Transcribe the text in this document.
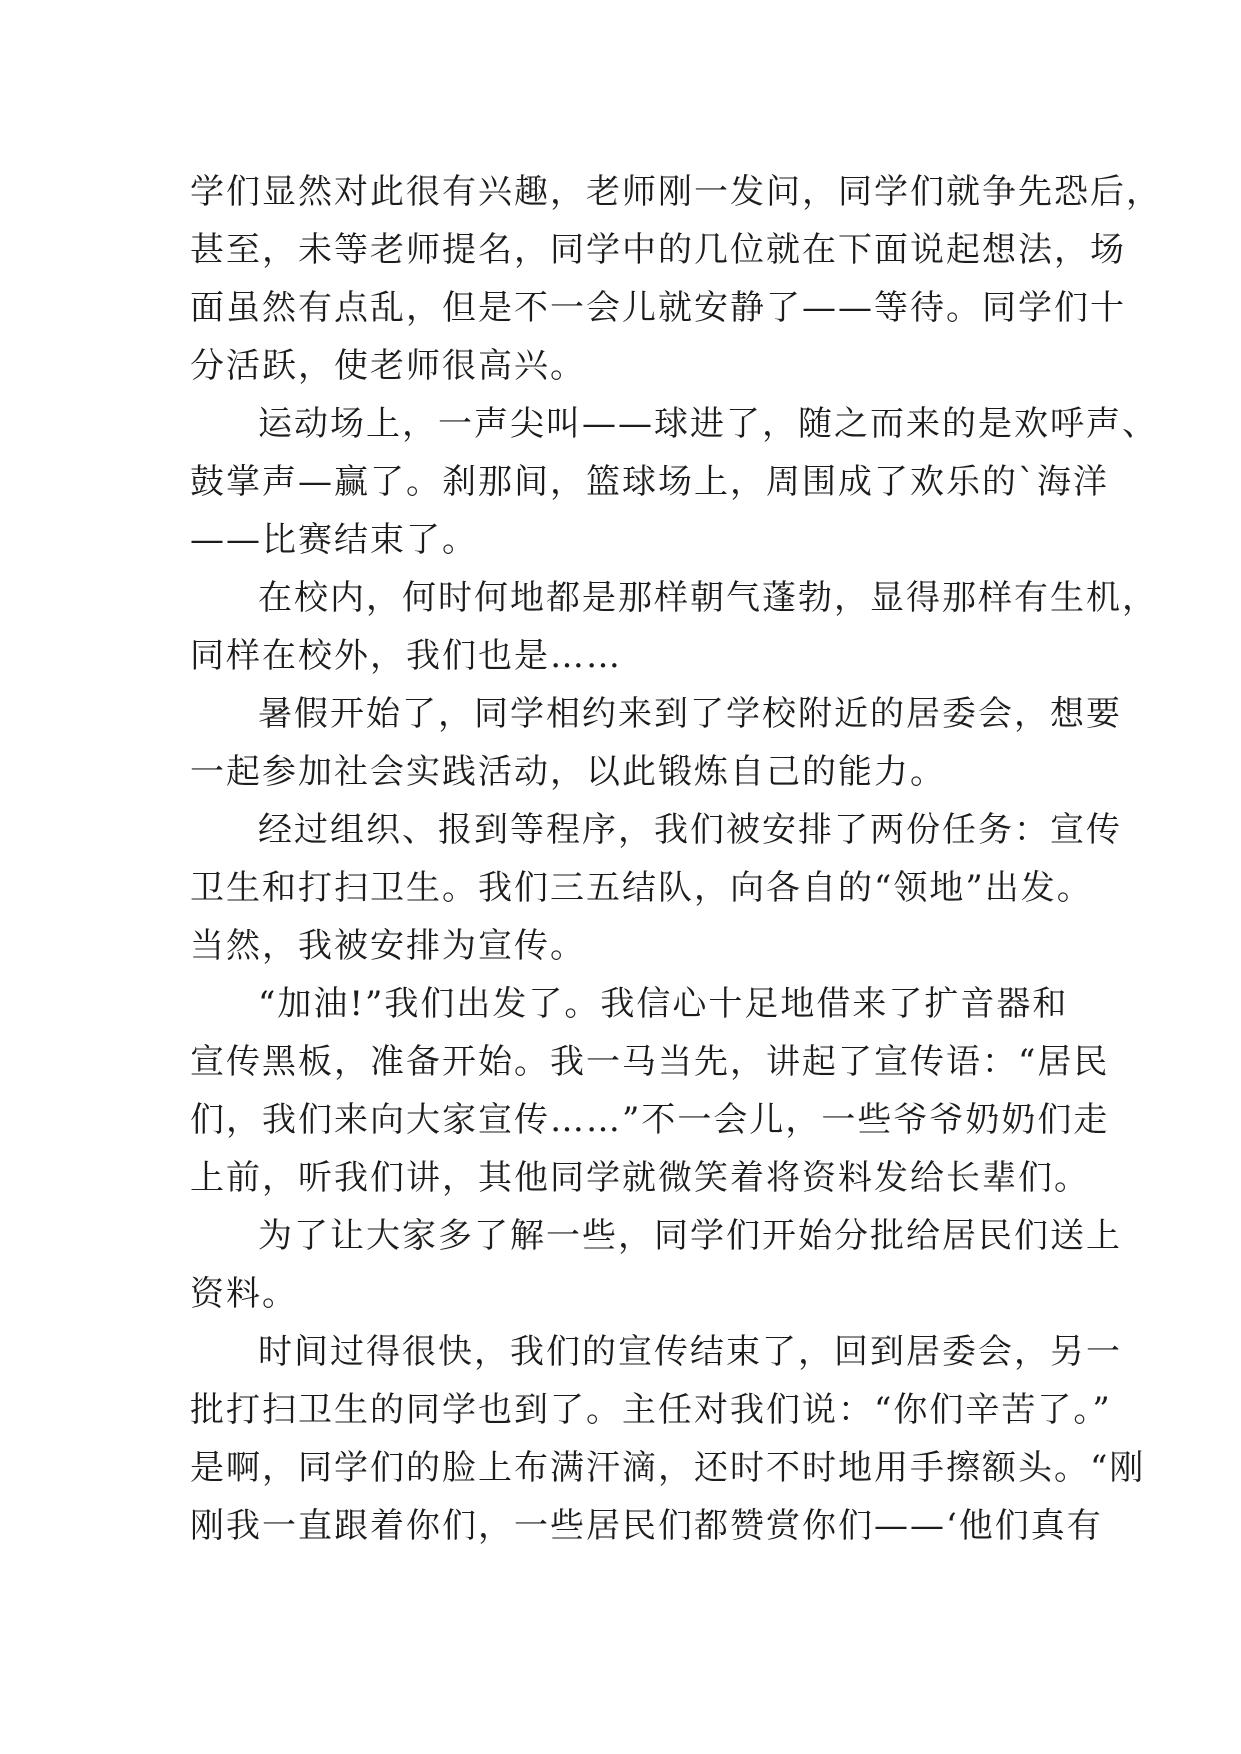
学们显然对此很有兴趣，老师刚一发问，同学们就争先恐后，
甚至，未等老师提名，同学中的几位就在下面说起想法，场
面虽然有点乱，但是不一会儿就安静了——等待。同学们十
分活跃，使老师很高兴。
运动场上，一声尖叫——球进了，随之而来的是欢呼声、
鼓掌声—赢了。刹那间，篮球场上，周围成了欢乐的`海洋
——比赛结束了。
在校内，何时何地都是那样朝气蓬勃，显得那样有生机，
同样在校外，我们也是……
暑假开始了，同学相约来到了学校附近的居委会，想要
一起参加社会实践活动，以此锻炼自己的能力。
经过组织、报到等程序，我们被安排了两份任务：宣传
卫生和打扫卫生。我们三五结队，向各自的“领地”出发。
当然，我被安排为宣传。
“加油!”我们出发了。我信心十足地借来了扩音器和
宣传黑板，准备开始。我一马当先，讲起了宣传语：“居民
们，我们来向大家宣传……”不一会儿，一些爷爷奶奶们走
上前，听我们讲，其他同学就微笑着将资料发给长辈们。
为了让大家多了解一些，同学们开始分批给居民们送上
资料。
时间过得很快，我们的宣传结束了，回到居委会，另一
批打扫卫生的同学也到了。主任对我们说：“你们辛苦了。”
是啊，同学们的脸上布满汗滴，还时不时地用手擦额头。“刚
刚我一直跟着你们，一些居民们都赞赏你们——‘他们真有
